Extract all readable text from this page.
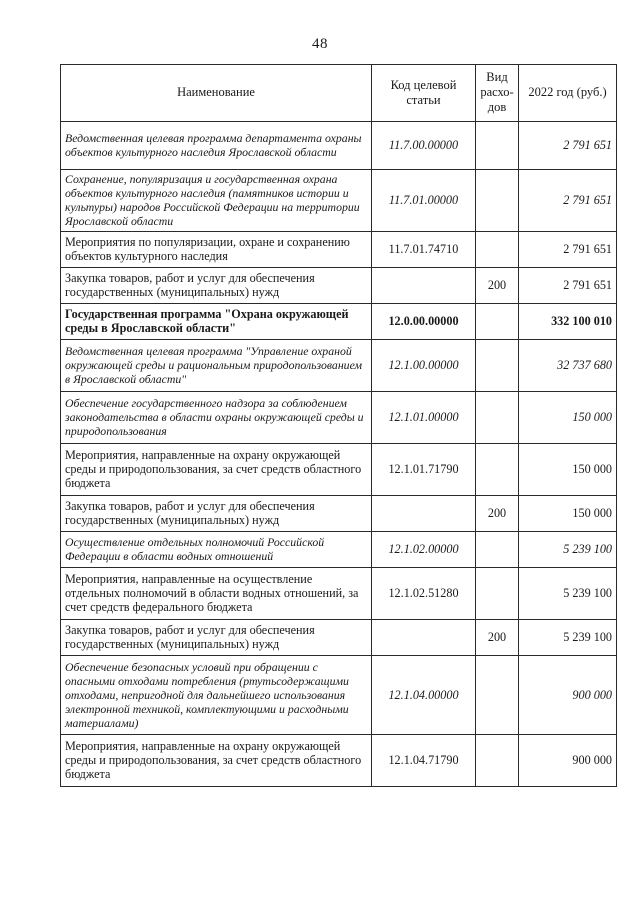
48
Наименование	Код целевой статьи	Вид расхо-дов	2022 год (руб.)
Ведомственная целевая программа департамента охраны объектов культурного наследия Ярославской области	11.7.00.00000		2 791 651
Сохранение, популяризация и государственная охрана объектов культурного наследия (памятников истории и культуры) народов Российской Федерации на территории Ярославской области	11.7.01.00000		2 791 651
Мероприятия по популяризации, охране и сохранению объектов культурного наследия	11.7.01.74710		2 791 651
Закупка товаров, работ и услуг для обеспечения государственных (муниципальных) нужд		200	2 791 651
Государственная программа "Охрана окружающей среды в Ярославской области"	12.0.00.00000		332 100 010
Ведомственная целевая программа "Управление охраной окружающей среды и рациональным природопользованием в Ярославской области"	12.1.00.00000		32 737 680
Обеспечение государственного надзора за соблюдением законодательства в области охраны окружающей среды и природопользования	12.1.01.00000		150 000
Мероприятия, направленные на охрану окружающей среды и природопользования, за счет средств областного бюджета	12.1.01.71790		150 000
Закупка товаров, работ и услуг для обеспечения государственных (муниципальных) нужд		200	150 000
Осуществление отдельных полномочий Российской Федерации в области водных отношений	12.1.02.00000		5 239 100
Мероприятия, направленные на осуществление отдельных полномочий в области водных отношений, за счет средств федерального бюджета	12.1.02.51280		5 239 100
Закупка товаров, работ и услуг для обеспечения государственных (муниципальных) нужд		200	5 239 100
Обеспечение безопасных условий при обращении с опасными отходами потребления (ртутьсодержащими отходами, непригодной для дальнейшего использования электронной техникой, комплектующими и расходными материалами)	12.1.04.00000		900 000
Мероприятия, направленные на охрану окружающей среды и природопользования, за счет средств областного бюджета	12.1.04.71790		900 000
